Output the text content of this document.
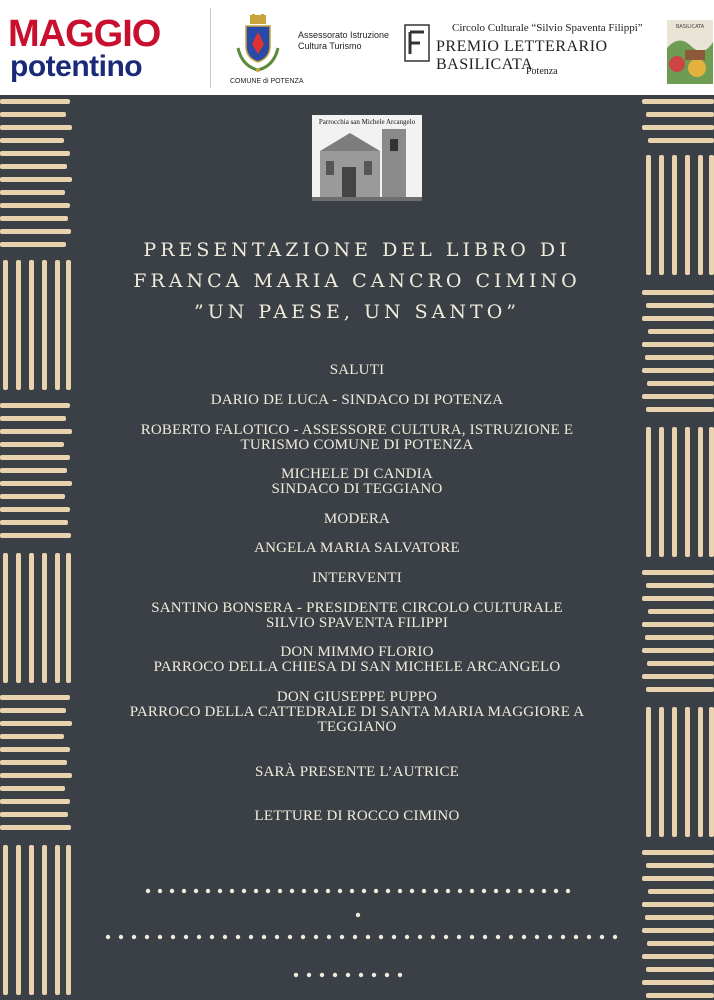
MAGGIO
potentino
Assessorato Istruzione
Cultura Turismo
COMUNE di POTENZA
Circolo Culturale “Silvio Spaventa Filippi”
PREMIO LETTERARIO BASILICATA
Potenza
BASILICATA
Parrocchia san Michele Arcangelo
PRESENTAZIONE DEL LIBRO DI
FRANCA MARIA CANCRO CIMINO
”UN PAESE, UN SANTO”
SALUTI
DARIO DE LUCA - SINDACO DI POTENZA
ROBERTO FALOTICO - ASSESSORE CULTURA, ISTRUZIONE E
TURISMO COMUNE DI POTENZA
MICHELE DI CANDIA
SINDACO DI TEGGIANO
MODERA
ANGELA MARIA SALVATORE
INTERVENTI
SANTINO BONSERA - PRESIDENTE CIRCOLO CULTURALE
SILVIO SPAVENTA FILIPPI
DON MIMMO FLORIO
PARROCO DELLA CHIESA DI SAN MICHELE ARCANGELO
DON GIUSEPPE PUPPO
PARROCO DELLA CATTEDRALE DI SANTA MARIA MAGGIORE A
TEGGIANO
SARÀ PRESENTE L’AUTRICE
LETTURE DI ROCCO CIMINO
